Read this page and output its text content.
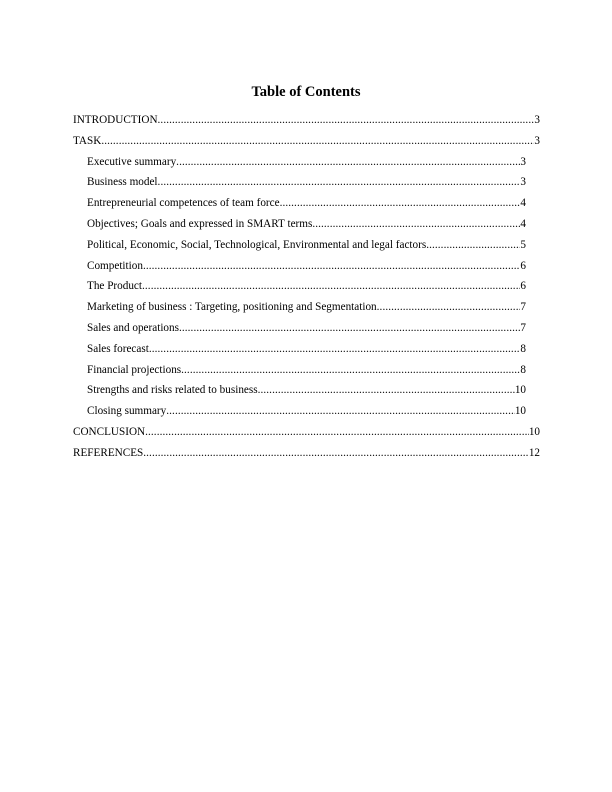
Table of Contents
INTRODUCTION .....	3
TASK .....	3
Executive summary .....	3
Business model .....	3
Entrepreneurial competences of team force .....	4
Objectives; Goals and expressed in SMART terms .....	4
Political, Economic, Social, Technological, Environmental and legal factors .....	5
Competition .....	6
The Product .....	6
Marketing of business : Targeting, positioning and Segmentation .....	7
Sales and operations .....	7
Sales forecast .....	8
Financial projections .....	8
Strengths and risks related to business .....	10
Closing summary .....	10
CONCLUSION .....	10
REFERENCES .....	12
